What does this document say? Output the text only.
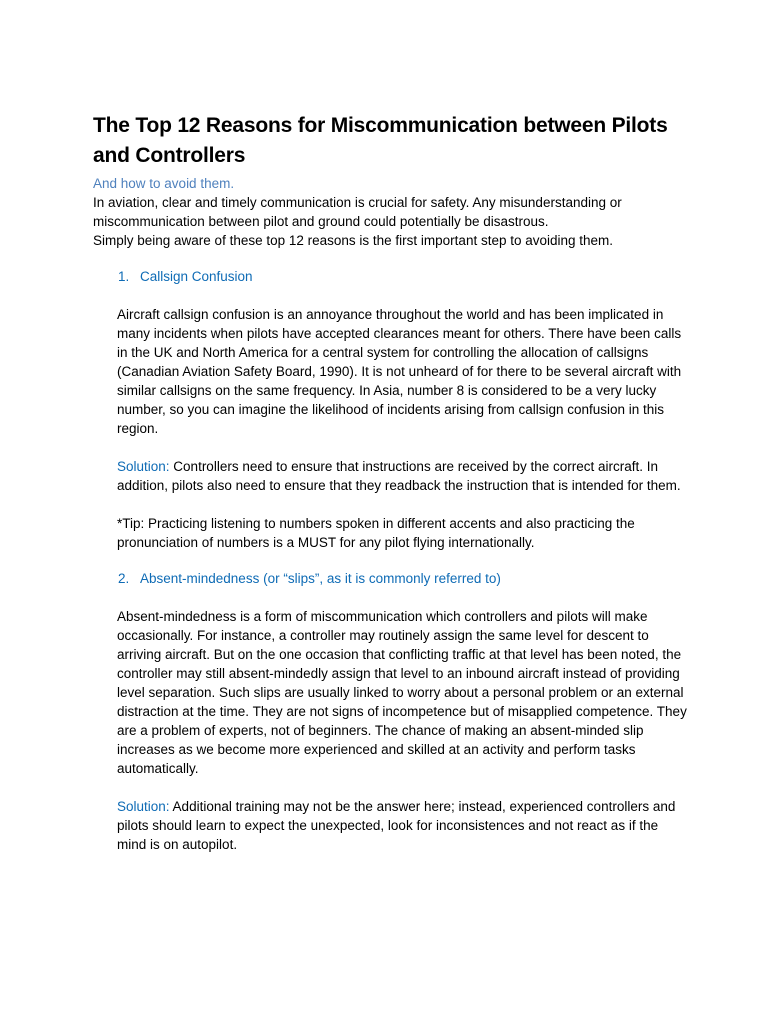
The Top 12 Reasons for Miscommunication between Pilots and Controllers
And how to avoid them.

In aviation, clear and timely communication is crucial for safety. Any misunderstanding or miscommunication between pilot and ground could potentially be disastrous.

Simply being aware of these top 12 reasons is the first important step to avoiding them.

1. Callsign Confusion

Aircraft callsign confusion is an annoyance throughout the world and has been implicated in many incidents when pilots have accepted clearances meant for others. There have been calls in the UK and North America for a central system for controlling the allocation of callsigns (Canadian Aviation Safety Board, 1990). It is not unheard of for there to be several aircraft with similar callsigns on the same frequency. In Asia, number 8 is considered to be a very lucky number, so you can imagine the likelihood of incidents arising from callsign confusion in this region.

Solution: Controllers need to ensure that instructions are received by the correct aircraft. In addition, pilots also need to ensure that they readback the instruction that is intended for them.

*Tip: Practicing listening to numbers spoken in different accents and also practicing the pronunciation of numbers is a MUST for any pilot flying internationally.

2. Absent-mindedness (or “slips”, as it is commonly referred to)

Absent-mindedness is a form of miscommunication which controllers and pilots will make occasionally. For instance, a controller may routinely assign the same level for descent to arriving aircraft. But on the one occasion that conflicting traffic at that level has been noted, the controller may still absent-mindedly assign that level to an inbound aircraft instead of providing level separation. Such slips are usually linked to worry about a personal problem or an external distraction at the time. They are not signs of incompetence but of misapplied competence. They are a problem of experts, not of beginners. The chance of making an absent-minded slip increases as we become more experienced and skilled at an activity and perform tasks automatically.

Solution: Additional training may not be the answer here; instead, experienced controllers and pilots should learn to expect the unexpected, look for inconsistences and not react as if the mind is on autopilot.
